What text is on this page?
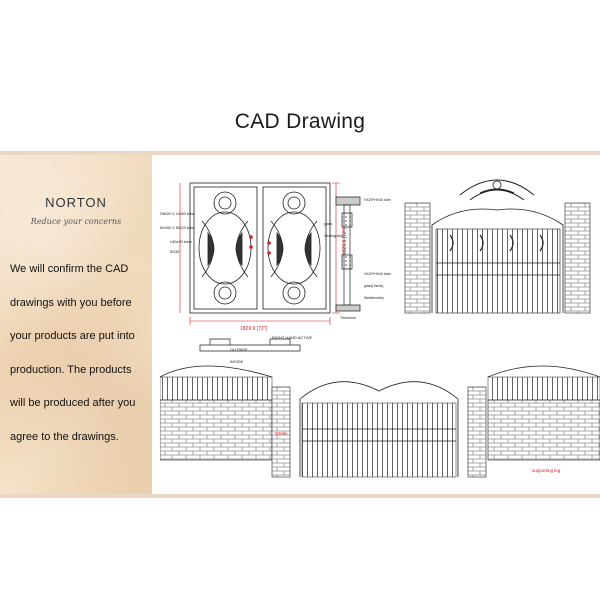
CAD Drawing
NORTON
Reduce your concerns
We will confirm the CAD
drawings with you before
your products are put into
production. The products
will be produced after you
agree to the drawings.
1829.9 [72"]
1829.9 [72"]
SW20 X 10/80 tube
50x50 X 50/20 tube
x30x30 tube
5X35
INSIDE
RIGHT HAND ACTIVE
OUTSIDE
HX20*HX40 tube
glass
Sealing strip
HX20*HX40 tube
glass(Yards)
Weatherstrip
Threshold
50mm
supporting leg
